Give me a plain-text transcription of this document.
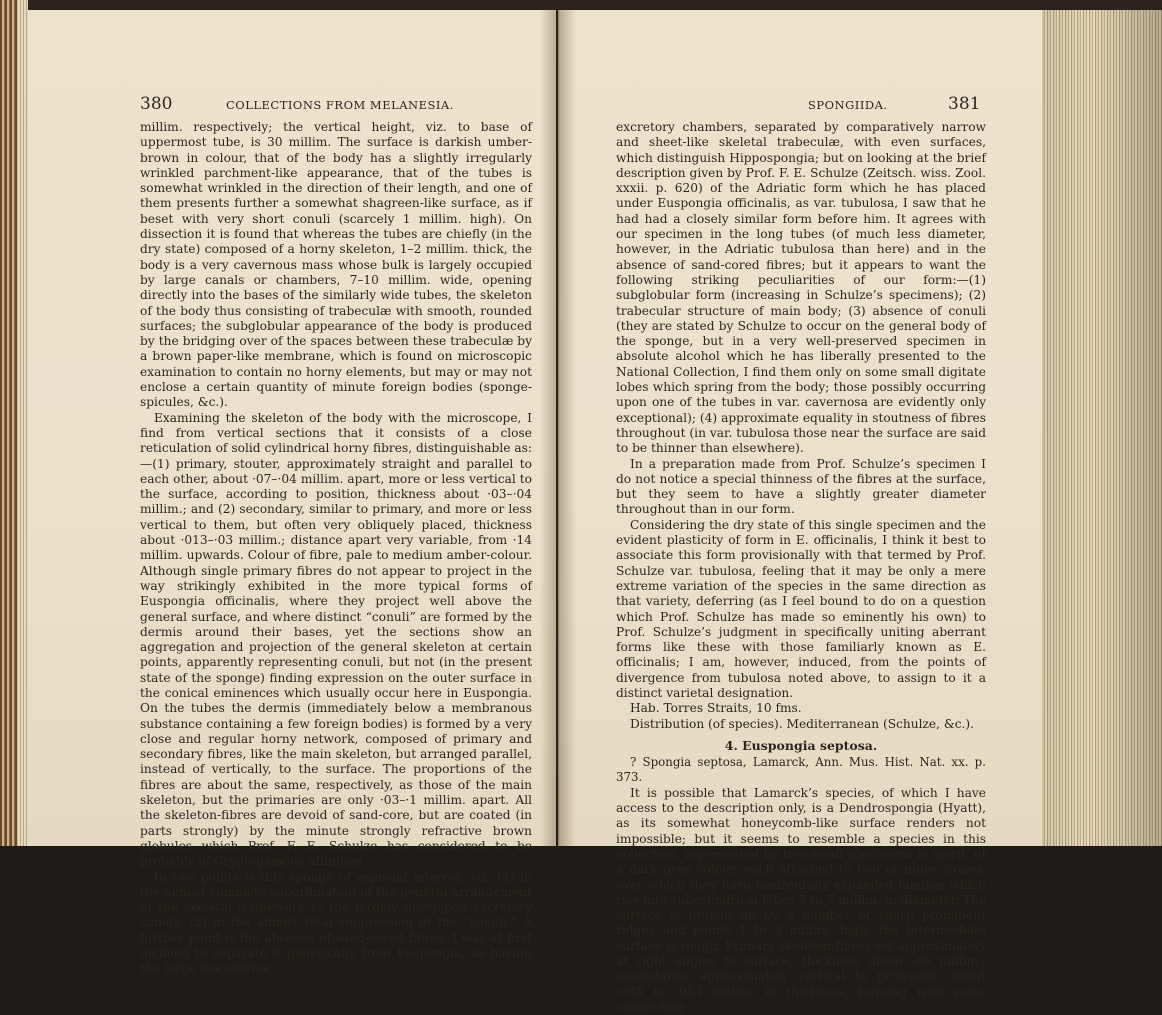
380	COLLECTIONS FROM MELANESIA.

millim. respectively; the vertical height, viz. to base of uppermost tube, is 30 millim. The surface is darkish umber-brown in colour, that of the body has a slightly irregularly wrinkled parchment-like appearance, that of the tubes is somewhat wrinkled in the direction of their length, and one of them presents further a somewhat shagreen-like surface, as if beset with very short conuli (scarcely 1 millim. high). On dissection it is found that whereas the tubes are chiefly (in the dry state) composed of a horny skeleton, 1–2 millim. thick, the body is a very cavernous mass whose bulk is largely occupied by large canals or chambers, 7–10 millim. wide, opening directly into the bases of the similarly wide tubes, the skeleton of the body thus consisting of trabeculæ with smooth, rounded surfaces; the subglobular appearance of the body is produced by the bridging over of the spaces between these trabeculæ by a brown paper-like membrane, which is found on microscopic examination to contain no horny elements, but may or may not enclose a certain quantity of minute foreign bodies (sponge-spicules, &c.).

Examining the skeleton of the body with the microscope, I find from vertical sections that it consists of a close reticulation of solid cylindrical horny fibres, distinguishable as:—(1) primary, stouter, approximately straight and parallel to each other, about ·07–·04 millim. apart, more or less vertical to the surface, according to position, thickness about ·03–·04 millim.; and (2) secondary, similar to primary, and more or less vertical to them, but often very obliquely placed, thickness about ·013–·03 millim.; distance apart very variable, from ·14 millim. upwards. Colour of fibre, pale to medium amber-colour. Although single primary fibres do not appear to project in the way strikingly exhibited in the more typical forms of Euspongia officinalis, where they project well above the general surface, and where distinct “conuli” are formed by the dermis around their bases, yet the sections show an aggregation and projection of the general skeleton at certain points, apparently representing conuli, but not (in the present state of the sponge) finding expression on the outer surface in the conical eminences which usually occur here in Euspongia. On the tubes the dermis (immediately below a membranous substance containing a few foreign bodies) is formed by a very close and regular horny network, composed of primary and secondary fibres, like the main skeleton, but arranged parallel, instead of vertically, to the surface. The proportions of the fibres are about the same, respectively, as those of the main skeleton, but the primaries are only ·03–·1 millim. apart. All the skeleton-fibres are devoid of sand-core, but are coated (in parts strongly) by the minute strongly refractive brown globules which Prof. F. E. Schulze has considered to be probably of Cryptogamous affinities.

In two points is this sponge of especial interest, viz. (1) in the almost complete subordination of the general arrangement of the skeletal framework to the largely developed excretory canals; (2) in the almost total suppression of the “conuli.” A further point is the absence of sand-cored fibres. I was at first inclined to separate it generically from Euspongia, as having the large mæandrine

SPONGIIDA.	381

excretory chambers, separated by comparatively narrow and sheet-like skeletal trabeculæ, with even surfaces, which distinguish Hippospongia; but on looking at the brief description given by Prof. F. E. Schulze (Zeitsch. wiss. Zool. xxxii. p. 620) of the Adriatic form which he has placed under Euspongia officinalis, as var. tubulosa, I saw that he had had a closely similar form before him. It agrees with our specimen in the long tubes (of much less diameter, however, in the Adriatic tubulosa than here) and in the absence of sand-cored fibres; but it appears to want the following striking peculiarities of our form:—(1) subglobular form (increasing in Schulze’s specimens); (2) trabecular structure of main body; (3) absence of conuli (they are stated by Schulze to occur on the general body of the sponge, but in a very well-preserved specimen in absolute alcohol which he has liberally presented to the National Collection, I find them only on some small digitate lobes which spring from the body; those possibly occurring upon one of the tubes in var. cavernosa are evidently only exceptional); (4) approximate equality in stoutness of fibres throughout (in var. tubulosa those near the surface are said to be thinner than elsewhere).

In a preparation made from Prof. Schulze’s specimen I do not notice a special thinness of the fibres at the surface, but they seem to have a slightly greater diameter throughout than in our form.

Considering the dry state of this single specimen and the evident plasticity of form in E. officinalis, I think it best to associate this form provisionally with that termed by Prof. Schulze var. tubulosa, feeling that it may be only a mere extreme variation of the species in the same direction as that variety, deferring (as I feel bound to do on a question which Prof. Schulze has made so eminently his own) to Prof. Schulze’s judgment in specifically uniting aberrant forms like these with those familiarly known as E. officinalis; I am, however, induced, from the points of divergence from tubulosa noted above, to assign to it a distinct varietal designation.

Hab. Torres Straits, 10 fms.

Distribution (of species). Mediterranean (Schulze, &c.).

4. Euspongia septosa.

? Spongia septosa, Lamarck, Ann. Mus. Hist. Nat. xx. p. 373.

It is possible that Lamarck’s species, of which I have access to the description only, is a Dendrospongia (Hyatt), as its somewhat honeycomb-like surface renders not impossible; but it seems to resemble a species in this collection, represented by two small specimens in spirit, of a dark grey colour, each attached to two or more stones, over which they form horizontally expanded laminæ which rise into subcylindrical lobes 5 to 7 millim. in diameter. The surface is broken up by a number of sharp prominent ridges and points 1 to 3 millim. high; the intermediate surface is rough. Primary skeleton-fibres set approximately at right angles to surface, thickness about ·06 millim.; secondaries approximately vertical to primaries, about ·035 to ·053 millim. in thickness, forming with some connecting
